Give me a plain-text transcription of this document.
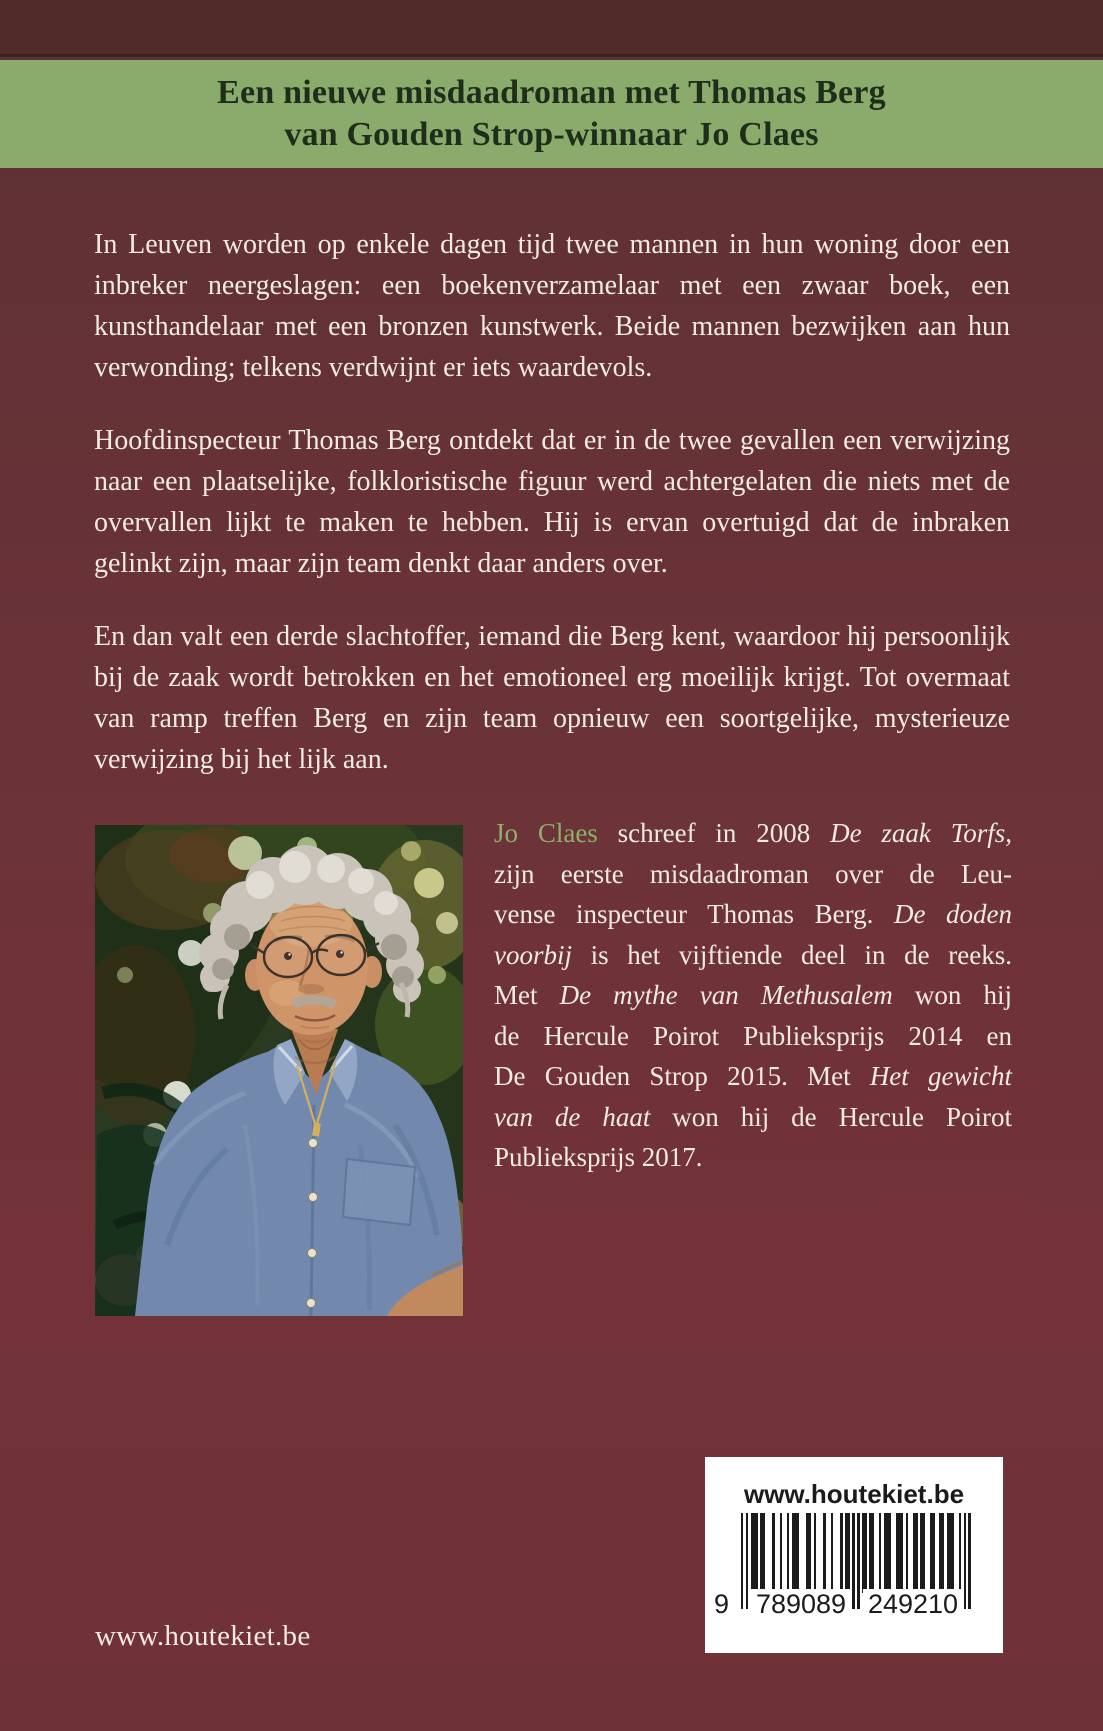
Een nieuwe misdaadroman met Thomas Berg
van Gouden Strop-winnaar Jo Claes

In Leuven worden op enkele dagen tijd twee mannen in hun woning door een inbreker neergeslagen: een boekenverzamelaar met een zwaar boek, een kunsthandelaar met een bronzen kunstwerk. Beide mannen bezwijken aan hun verwonding; telkens verdwijnt er iets waardevols.

Hoofdinspecteur Thomas Berg ontdekt dat er in de twee gevallen een verwijzing naar een plaatselijke, folkloristische figuur werd achtergelaten die niets met de overvallen lijkt te maken te hebben. Hij is ervan overtuigd dat de inbraken gelinkt zijn, maar zijn team denkt daar anders over.

En dan valt een derde slachtoffer, iemand die Berg kent, waardoor hij persoonlijk bij de zaak wordt betrokken en het emotioneel erg moeilijk krijgt. Tot overmaat van ramp treffen Berg en zijn team opnieuw een soortgelijke, mysterieuze verwijzing bij het lijk aan.

Jo Claes schreef in 2008 De zaak Torfs,
zijn eerste misdaadroman over de Leu-
vense inspecteur Thomas Berg. De doden
voorbij is het vijftiende deel in de reeks.
Met De mythe van Methusalem won hij
de Hercule Poirot Publieksprijs 2014 en
De Gouden Strop 2015. Met Het gewicht
van de haat won hij de Hercule Poirot
Publieksprijs 2017.
www.houtekiet.be
9 789089 249210
www.houtekiet.be
